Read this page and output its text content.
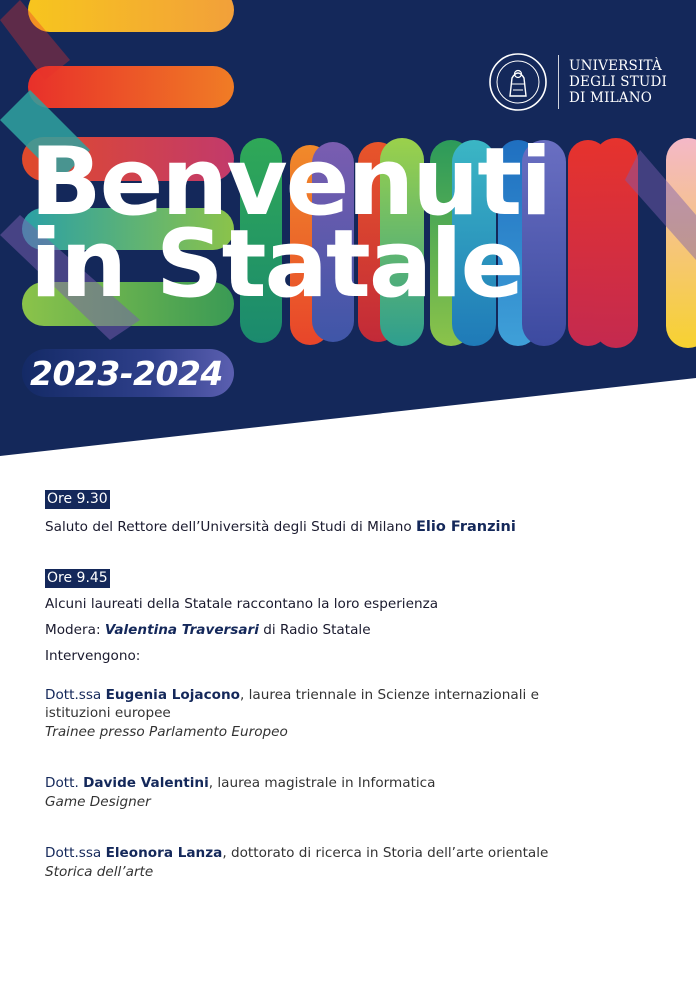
UNIVERSITÀ
DEGLI STUDI
DI MILANO
Benvenuti
in Statale
2023-2024
Ore 9.30
Saluto del Rettore dell’Università degli Studi di Milano Elio Franzini
Ore 9.45
Alcuni laureati della Statale raccontano la loro esperienza
Modera: Valentina Traversari di Radio Statale
Intervengono:
Dott.ssa Eugenia Lojacono, laurea triennale in Scienze internazionali e
istituzioni europee
Trainee presso Parlamento Europeo
Dott. Davide Valentini, laurea magistrale in Informatica
Game Designer
Dott.ssa Eleonora Lanza, dottorato di ricerca in Storia dell’arte orientale
Storica dell’arte
